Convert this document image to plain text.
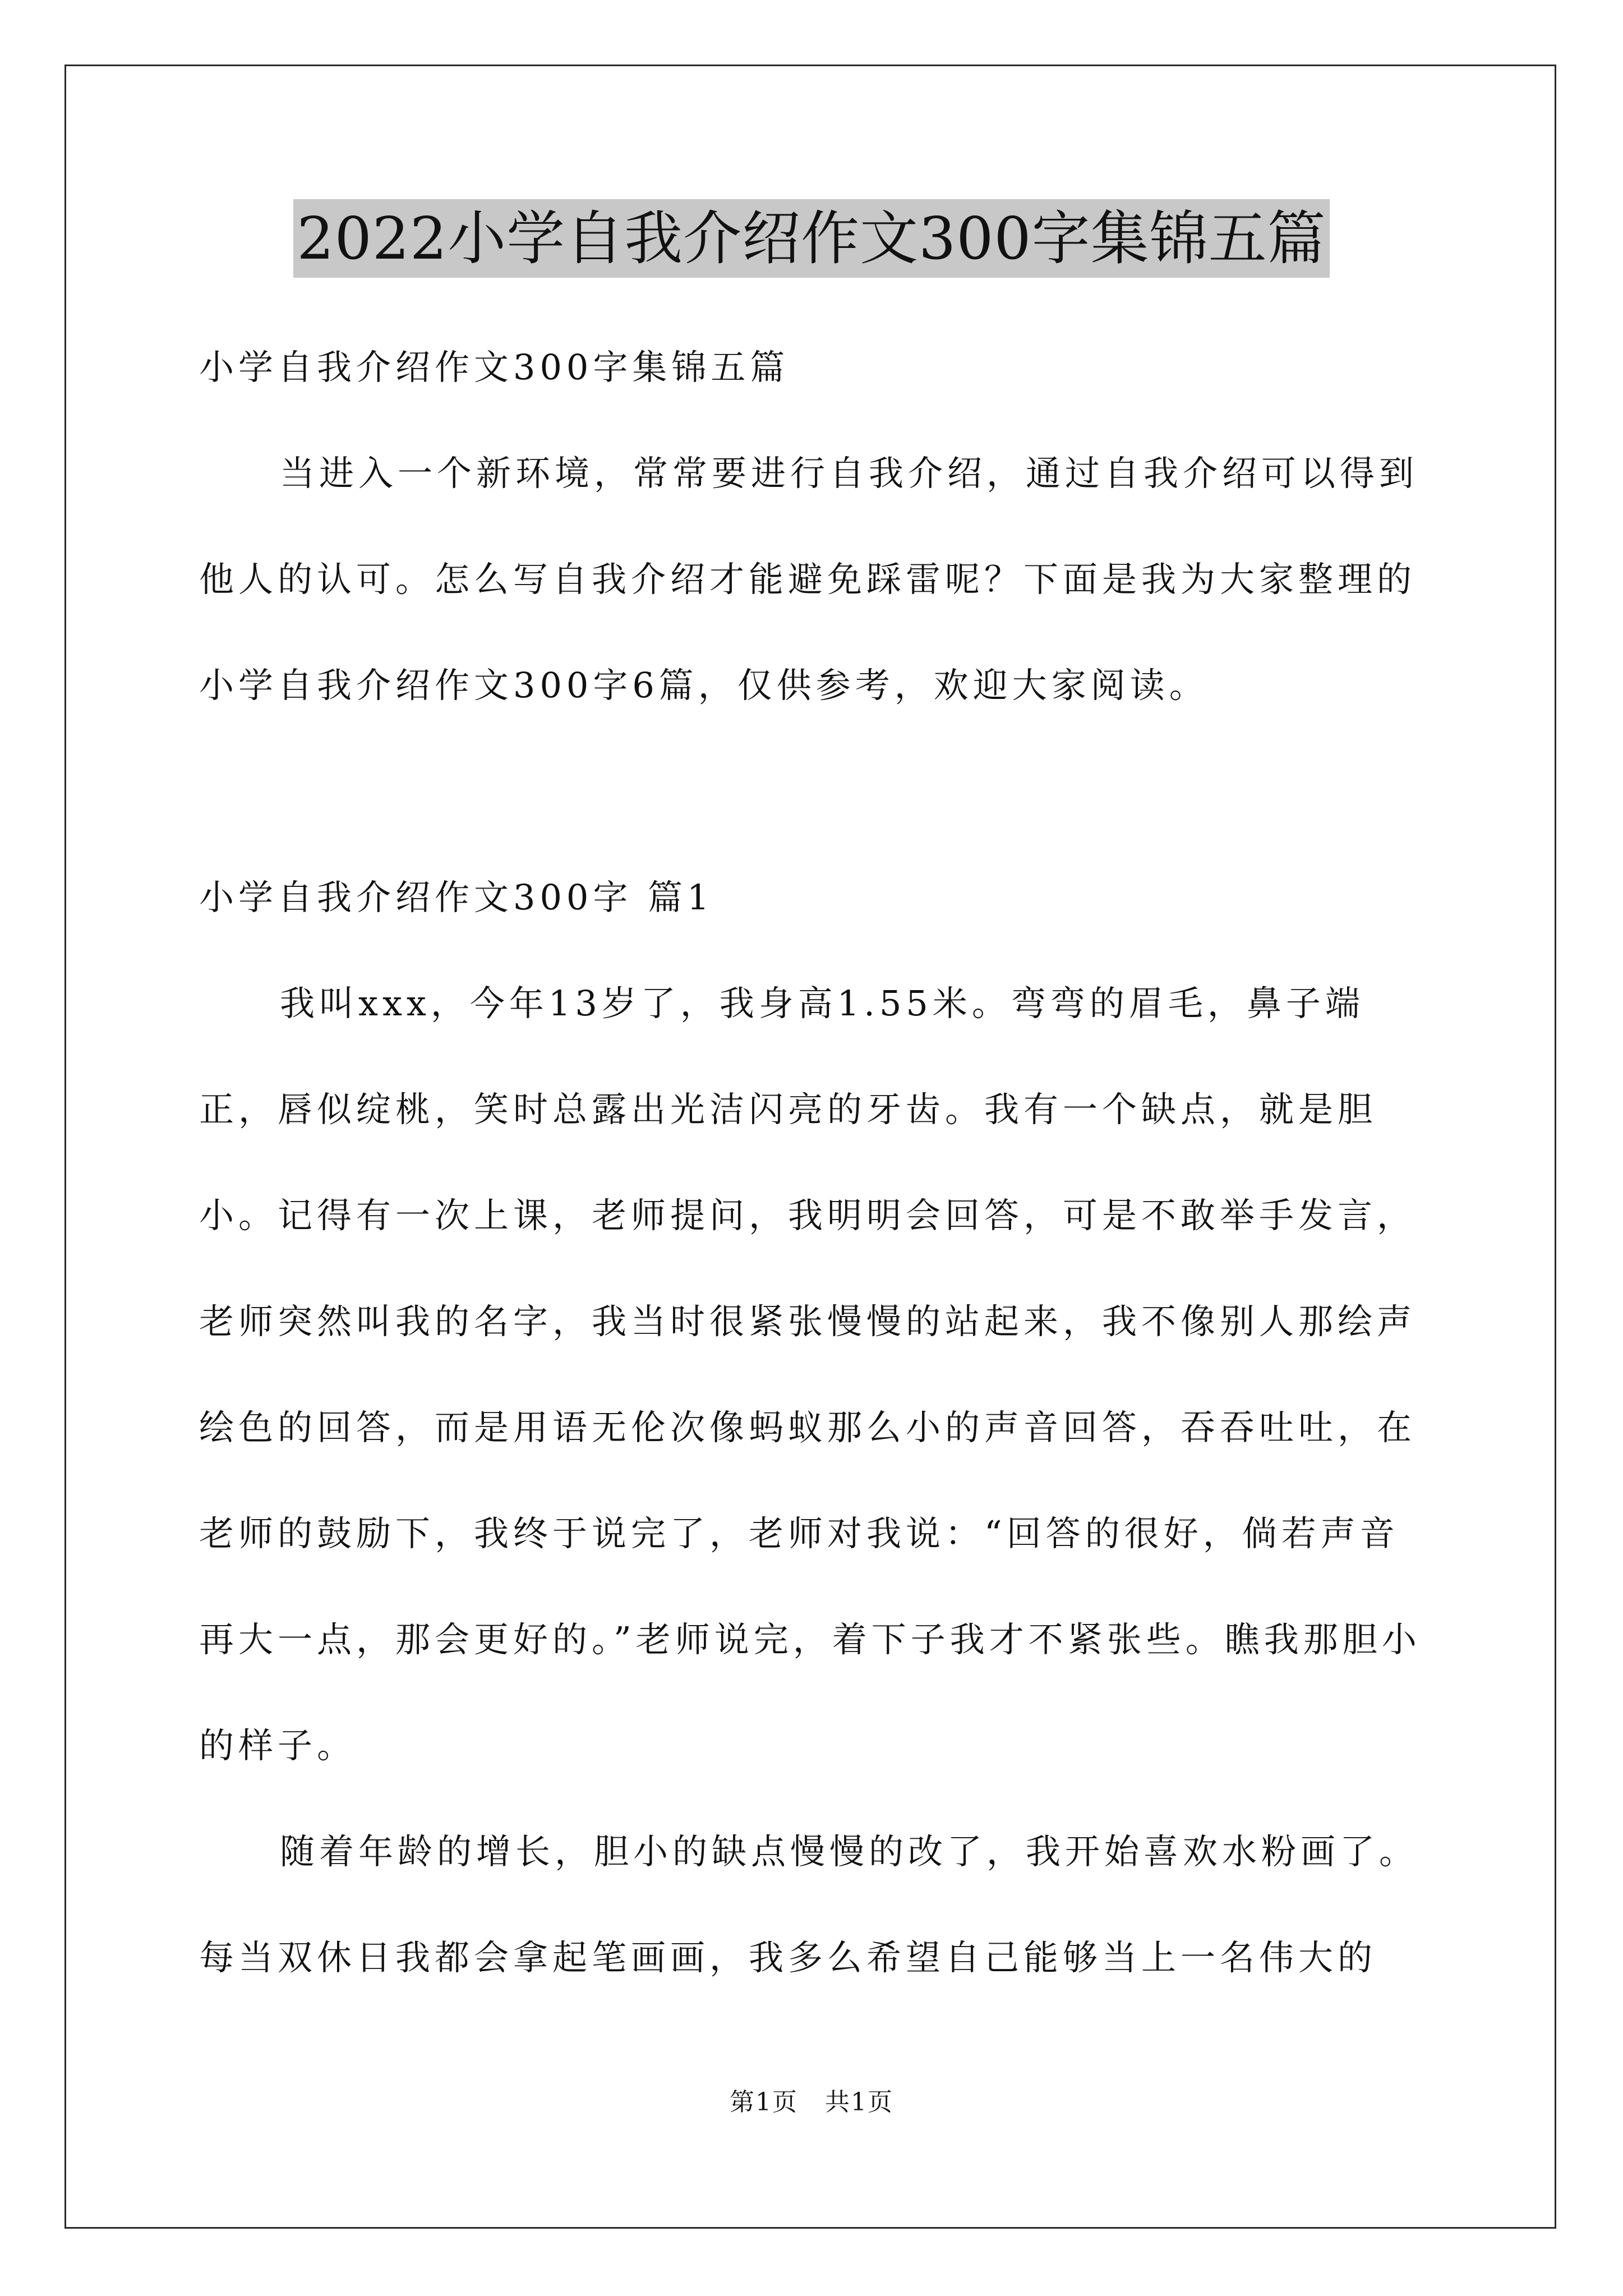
2022小学自我介绍作文300字集锦五篇

小学自我介绍作文300字集锦五篇

当进入一个新环境，常常要进行自我介绍，通过自我介绍可以得到他人的认可。怎么写自我介绍才能避免踩雷呢？下面是我为大家整理的小学自我介绍作文300字6篇，仅供参考，欢迎大家阅读。

小学自我介绍作文300字 篇1

我叫xxx，今年13岁了，我身高1.55米。弯弯的眉毛，鼻子端正，唇似绽桃，笑时总露出光洁闪亮的牙齿。我有一个缺点，就是胆小。记得有一次上课，老师提问，我明明会回答，可是不敢举手发言，老师突然叫我的名字，我当时很紧张慢慢的站起来，我不像别人那绘声绘色的回答，而是用语无伦次像蚂蚁那么小的声音回答，吞吞吐吐，在老师的鼓励下，我终于说完了，老师对我说：“回答的很好，倘若声音再大一点，那会更好的。”老师说完，着下子我才不紧张些。瞧我那胆小的样子。

随着年龄的增长，胆小的缺点慢慢的改了，我开始喜欢水粉画了。每当双休日我都会拿起笔画画，我多么希望自己能够当上一名伟大的

第1页   共1页
